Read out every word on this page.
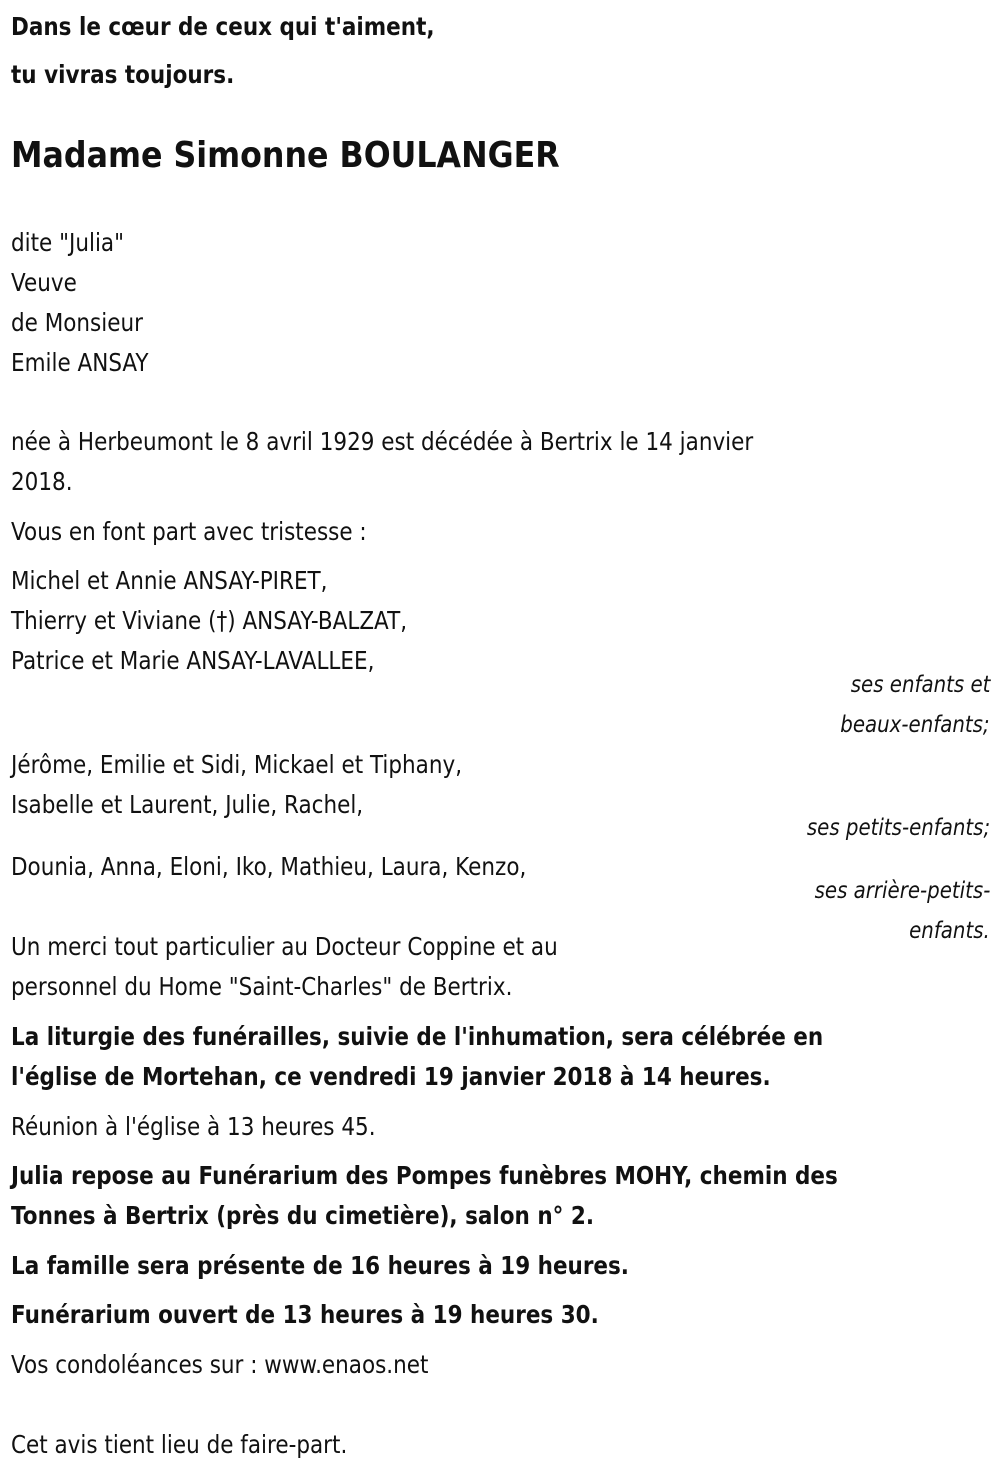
Dans le cœur de ceux qui t'aiment,
tu vivras toujours.
Madame Simonne BOULANGER
dite "Julia"
Veuve
de Monsieur
Emile ANSAY
née à Herbeumont le 8 avril 1929 est décédée à Bertrix le 14 janvier
2018.
Vous en font part avec tristesse :
Michel et Annie ANSAY-PIRET,
Thierry et Viviane (†) ANSAY-BALZAT,
Patrice et Marie ANSAY-LAVALLEE,
ses enfants et
beaux-enfants;
Jérôme, Emilie et Sidi, Mickael et Tiphany,
Isabelle et Laurent, Julie, Rachel,
ses petits-enfants;
Dounia, Anna, Eloni, Iko, Mathieu, Laura, Kenzo,
ses arrière-petits-
enfants.
Un merci tout particulier au Docteur Coppine et au
personnel du Home "Saint-Charles" de Bertrix.
La liturgie des funérailles, suivie de l'inhumation, sera célébrée en
l'église de Mortehan, ce vendredi 19 janvier 2018 à 14 heures.
Réunion à l'église à 13 heures 45.
Julia repose au Funérarium des Pompes funèbres MOHY, chemin des
Tonnes à Bertrix (près du cimetière), salon n° 2.
La famille sera présente de 16 heures à 19 heures.
Funérarium ouvert de 13 heures à 19 heures 30.
Vos condoléances sur : www.enaos.net
Cet avis tient lieu de faire-part.
